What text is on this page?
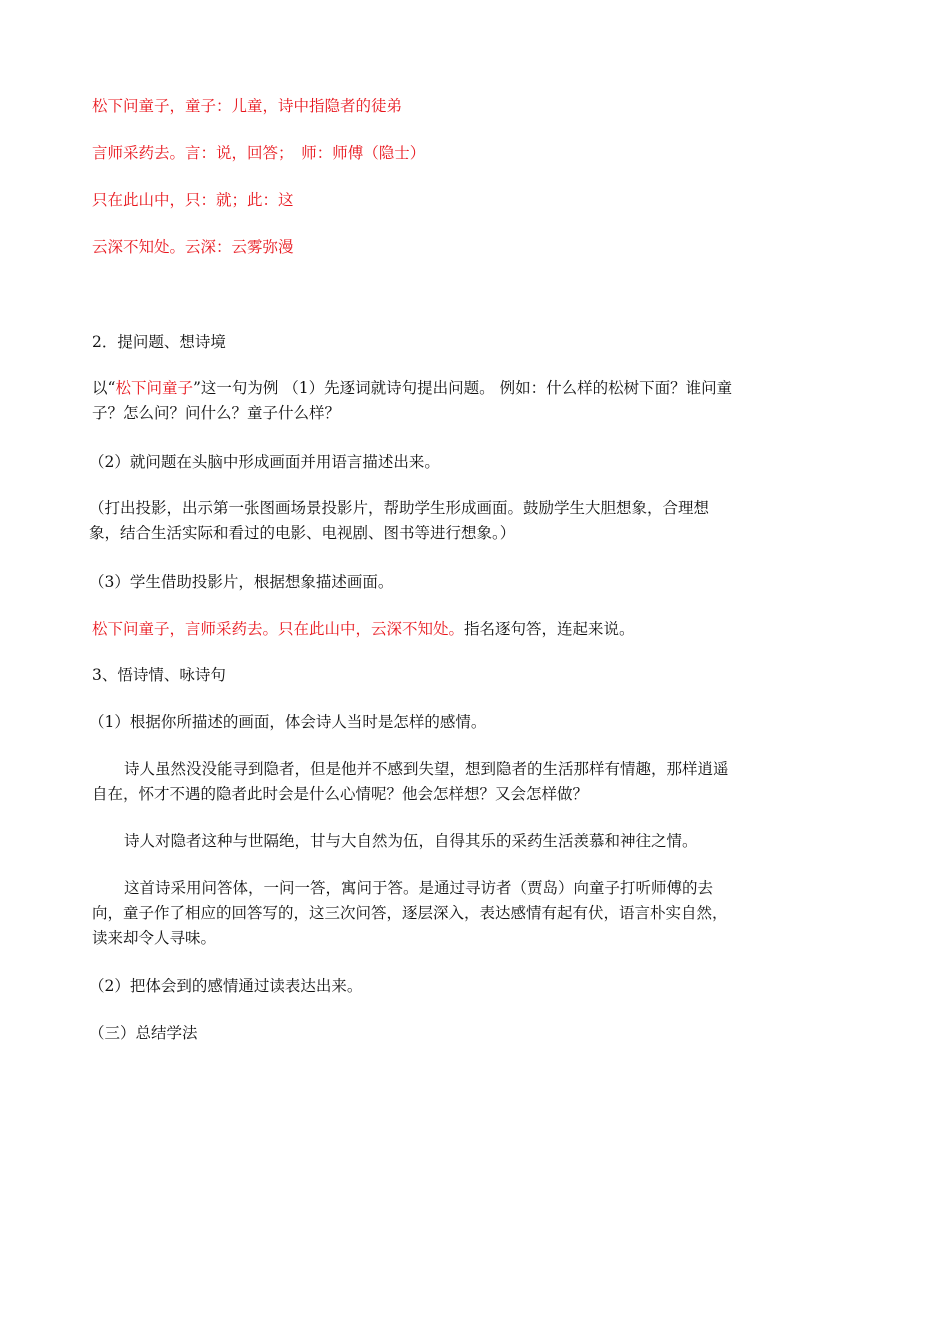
松下问童子，童子：儿童，诗中指隐者的徒弟
言师采药去。言：说，回答；　师：师傅（隐士）
只在此山中，只：就；此：这
云深不知处。云深：云雾弥漫
2．提问题、想诗境
以“松下问童子”这一句为例 （1）先逐词就诗句提出问题。 例如：什么样的松树下面？谁问童子？怎么问？问什么？童子什么样？
（2）就问题在头脑中形成画面并用语言描述出来。
（打出投影，出示第一张图画场景投影片，帮助学生形成画面。鼓励学生大胆想象，合理想象，结合生活实际和看过的电影、电视剧、图书等进行想象。）
（3）学生借助投影片，根据想象描述画面。
松下问童子，言师采药去。只在此山中，云深不知处。指名逐句答，连起来说。
3、悟诗情、咏诗句
（1）根据你所描述的画面，体会诗人当时是怎样的感情。
诗人虽然没没能寻到隐者，但是他并不感到失望，想到隐者的生活那样有情趣，那样逍遥自在，怀才不遇的隐者此时会是什么心情呢？他会怎样想？又会怎样做？
诗人对隐者这种与世隔绝，甘与大自然为伍，自得其乐的采药生活羡慕和神往之情。
这首诗采用问答体，一问一答，寓问于答。是通过寻访者（贾岛）向童子打听师傅的去向，童子作了相应的回答写的，这三次问答，逐层深入，表达感情有起有伏，语言朴实自然，读来却令人寻味。
（2）把体会到的感情通过读表达出来。
（三）总结学法
